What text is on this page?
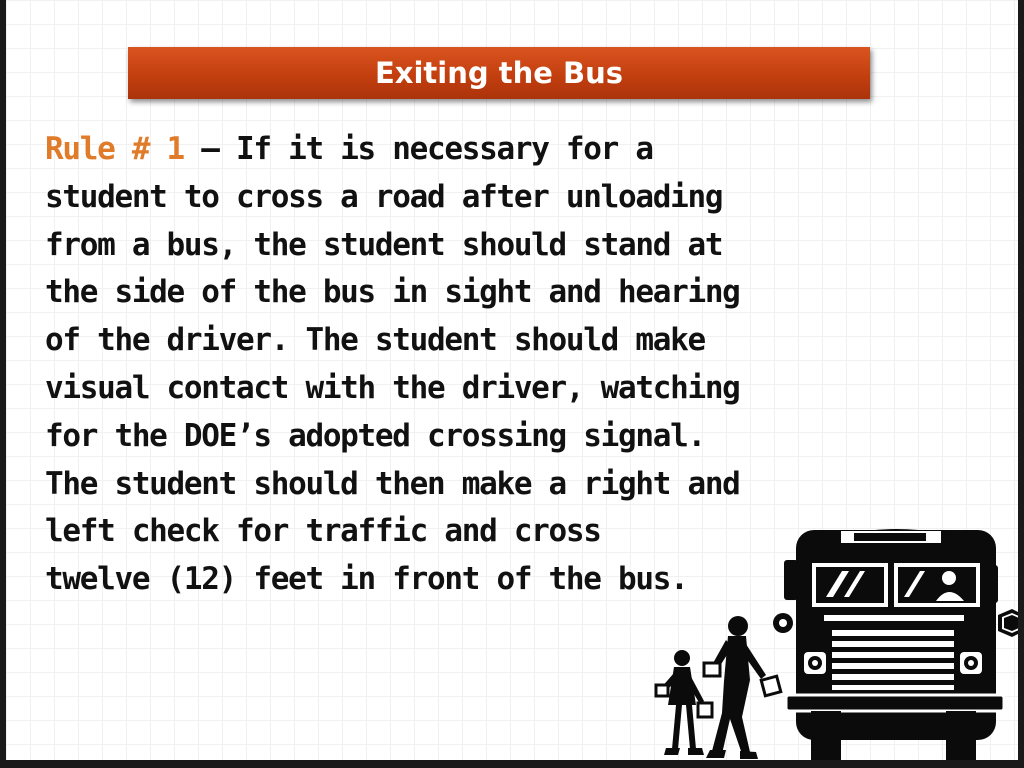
Exiting the Bus

Rule # 1 – If it is necessary for a
student to cross a road after unloading
from a bus, the student should stand at
the side of the bus in sight and hearing
of the driver. The student should make
visual contact with the driver, watching
for the DOE’s adopted crossing signal.
The student should then make a right and
left check for traffic and cross
twelve (12) feet in front of the bus.
